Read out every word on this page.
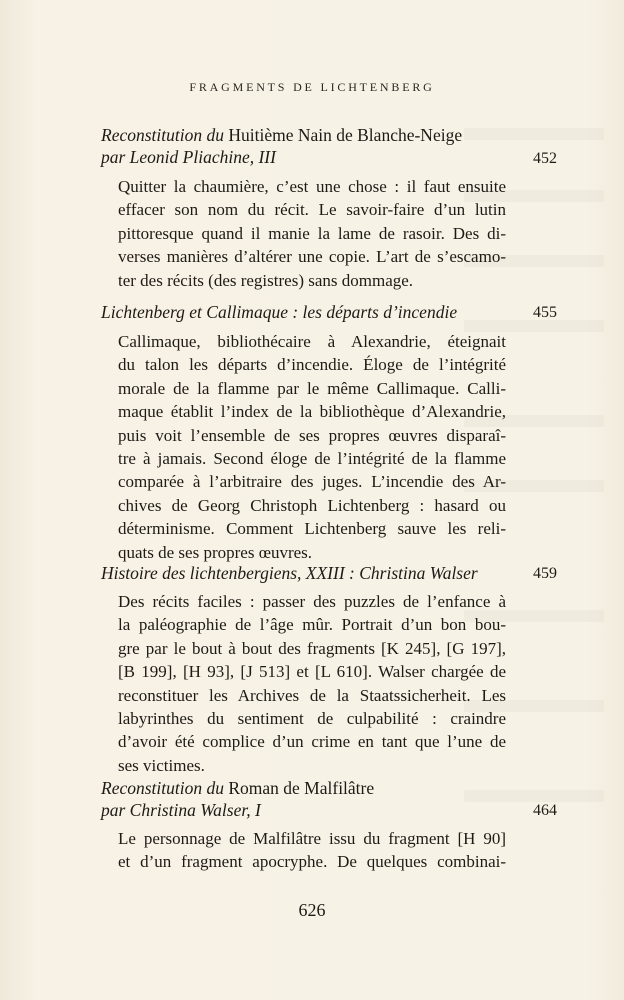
FRAGMENTS DE LICHTENBERG
Reconstitution du Huitième Nain de Blanche-Neige
par Leonid Pliachine, III	452
Quitter la chaumière, c’est une chose : il faut ensuite
effacer son nom du récit. Le savoir-faire d’un lutin
pittoresque quand il manie la lame de rasoir. Des di-
verses manières d’altérer une copie. L’art de s’escamo-
ter des récits (des registres) sans dommage.
Lichtenberg et Callimaque : les départs d’incendie	455
Callimaque, bibliothécaire à Alexandrie, éteignait
du talon les départs d’incendie. Éloge de l’intégrité
morale de la flamme par le même Callimaque. Calli-
maque établit l’index de la bibliothèque d’Alexandrie,
puis voit l’ensemble de ses propres œuvres disparaî-
tre à jamais. Second éloge de l’intégrité de la flamme
comparée à l’arbitraire des juges. L’incendie des Ar-
chives de Georg Christoph Lichtenberg : hasard ou
déterminisme. Comment Lichtenberg sauve les reli-
quats de ses propres œuvres.
Histoire des lichtenbergiens, XXIII : Christina Walser	459
Des récits faciles : passer des puzzles de l’enfance à
la paléographie de l’âge mûr. Portrait d’un bon bou-
gre par le bout à bout des fragments [K 245], [G 197],
[B 199], [H 93], [J 513] et [L 610]. Walser chargée de
reconstituer les Archives de la Staatssicherheit. Les
labyrinthes du sentiment de culpabilité : craindre
d’avoir été complice d’un crime en tant que l’une de
ses victimes.
Reconstitution du Roman de Malfilâtre
par Christina Walser, I	464
Le personnage de Malfilâtre issu du fragment [H 90]
et d’un fragment apocryphe. De quelques combinai-
626
